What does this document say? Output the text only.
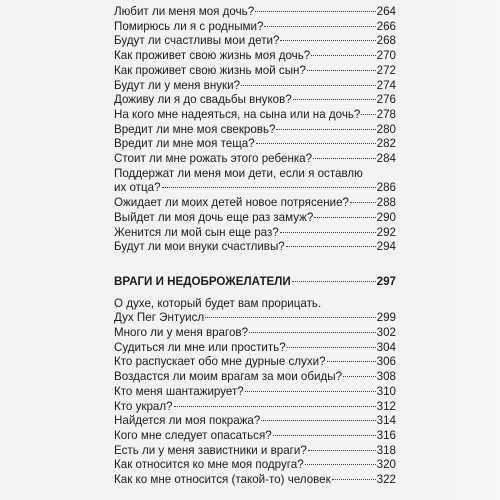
Любит ли меня моя дочь?	264
Помирюсь ли я с родными?	266
Будут ли счастливы мои дети?	268
Как проживет свою жизнь моя дочь?	270
Как проживет свою жизнь мой сын?	272
Будут ли у меня внуки?	274
Доживу ли я до свадьбы внуков?	276
На кого мне надеяться, на сына или на дочь? 278
Вредит ли мне моя свекровь?	280
Вредит ли мне моя теща?	282
Стоит ли мне рожать этого ребенка?	284
Поддержат ли меня мои дети, если я оставлю
их отца?	286
Ожидает ли моих детей новое потрясение? 288
Выйдет ли моя дочь еще раз замуж?	290
Женится ли мой сын еще раз?	292
Будут ли мои внуки счастливы?	294
ВРАГИ И НЕДОБРОЖЕЛАТЕЛИ	297
О духе, который будет вам прорицать.
Дух Пег Энтуисл	299
Много ли у меня врагов?	302
Судиться ли мне или простить?	304
Кто распускает обо мне дурные слухи?	306
Воздастся ли моим врагам за мои обиды?	308
Кто меня шантажирует?	310
Кто украл?	312
Найдется ли моя покража?	314
Кого мне следует опасаться?	316
Есть ли у меня завистники и враги?	318
Как относится ко мне моя подруга?	320
Как ко мне относится (такой-то) человек	322
